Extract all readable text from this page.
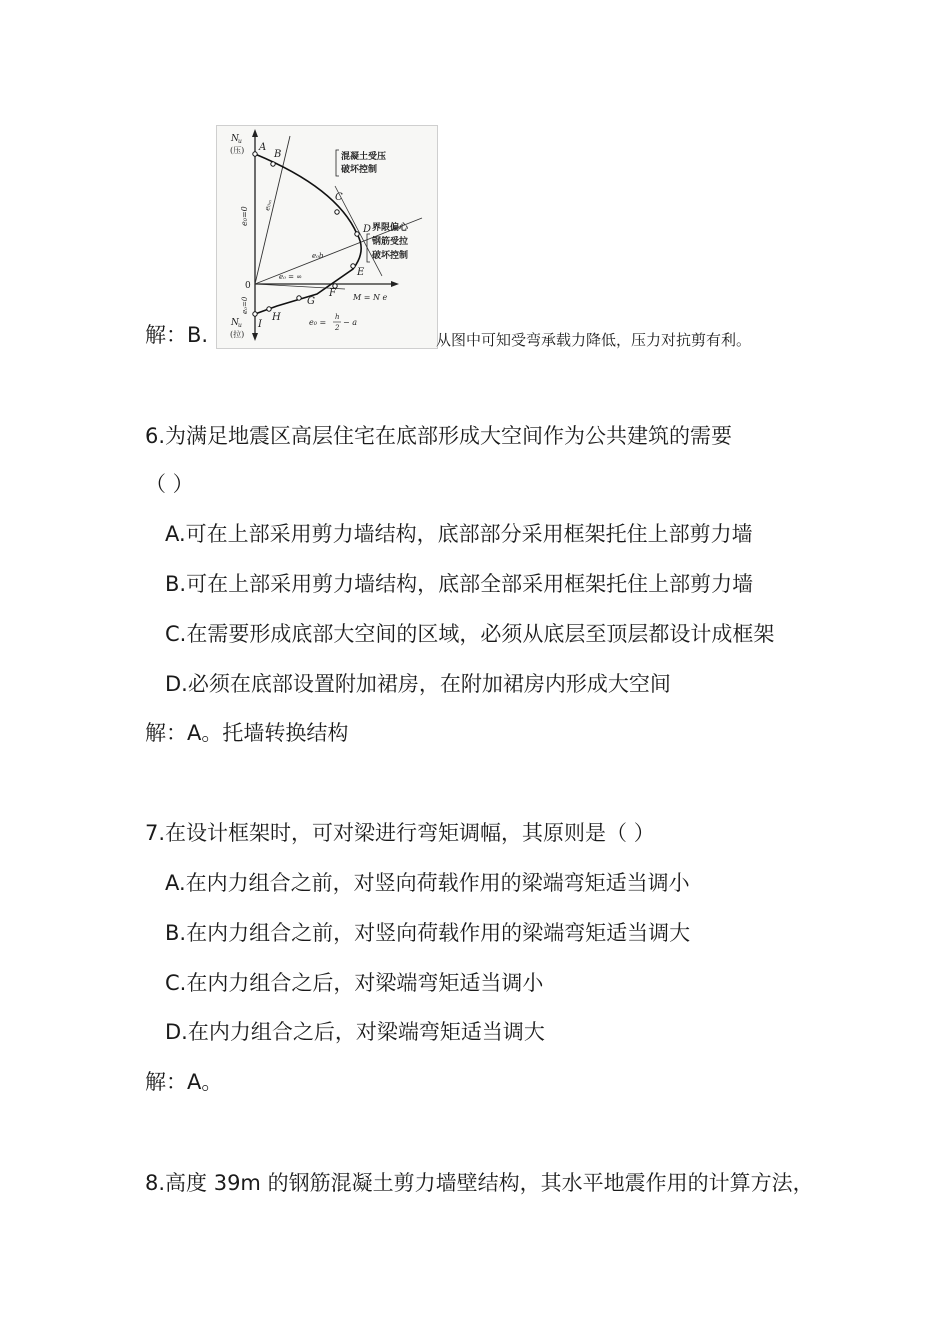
解：B.
A
B
C
D
E
F
G
H
I
N u
(压)
N u
(拉)
0
M = N e
e₀=0
e₀=0
e₀ = ∞
e₀ₘ
e₀b
e₀ =
h
2
− a
混凝土受压
破坏控制
界限偏心
钢筋受拉
破坏控制
从图中可知受弯承载力降低，压力对抗剪有利。
6.为满足地震区高层住宅在底部形成大空间作为公共建筑的需要
（ ）
A.可在上部采用剪力墙结构，底部部分采用框架托住上部剪力墙
B.可在上部采用剪力墙结构，底部全部采用框架托住上部剪力墙
C.在需要形成底部大空间的区域，必须从底层至顶层都设计成框架
D.必须在底部设置附加裙房，在附加裙房内形成大空间
解：A。托墙转换结构
7.在设计框架时，可对梁进行弯矩调幅，其原则是（ ）
A.在内力组合之前，对竖向荷载作用的梁端弯矩适当调小
B.在内力组合之前，对竖向荷载作用的梁端弯矩适当调大
C.在内力组合之后，对梁端弯矩适当调小
D.在内力组合之后，对梁端弯矩适当调大
解：A。
8.高度 39m 的钢筋混凝土剪力墙壁结构，其水平地震作用的计算方法，
